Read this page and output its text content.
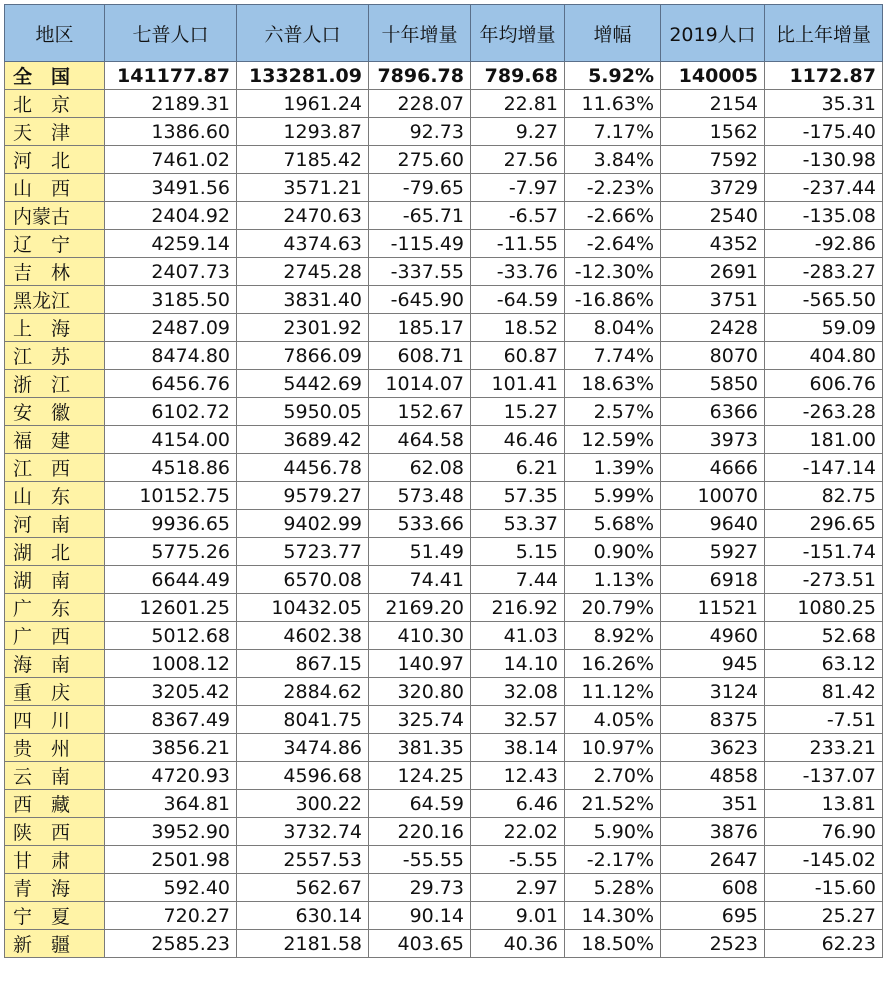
地区	七普人口	六普人口	十年增量	年均增量	增幅	2019人口	比上年增量
全　国	141177.87	133281.09	7896.78	789.68	5.92%	140005	1172.87
北　京	2189.31	1961.24	228.07	22.81	11.63%	2154	35.31
天　津	1386.60	1293.87	92.73	9.27	7.17%	1562	-175.40
河　北	7461.02	7185.42	275.60	27.56	3.84%	7592	-130.98
山　西	3491.56	3571.21	-79.65	-7.97	-2.23%	3729	-237.44
内蒙古	2404.92	2470.63	-65.71	-6.57	-2.66%	2540	-135.08
辽　宁	4259.14	4374.63	-115.49	-11.55	-2.64%	4352	-92.86
吉　林	2407.73	2745.28	-337.55	-33.76	-12.30%	2691	-283.27
黑龙江	3185.50	3831.40	-645.90	-64.59	-16.86%	3751	-565.50
上　海	2487.09	2301.92	185.17	18.52	8.04%	2428	59.09
江　苏	8474.80	7866.09	608.71	60.87	7.74%	8070	404.80
浙　江	6456.76	5442.69	1014.07	101.41	18.63%	5850	606.76
安　徽	6102.72	5950.05	152.67	15.27	2.57%	6366	-263.28
福　建	4154.00	3689.42	464.58	46.46	12.59%	3973	181.00
江　西	4518.86	4456.78	62.08	6.21	1.39%	4666	-147.14
山　东	10152.75	9579.27	573.48	57.35	5.99%	10070	82.75
河　南	9936.65	9402.99	533.66	53.37	5.68%	9640	296.65
湖　北	5775.26	5723.77	51.49	5.15	0.90%	5927	-151.74
湖　南	6644.49	6570.08	74.41	7.44	1.13%	6918	-273.51
广　东	12601.25	10432.05	2169.20	216.92	20.79%	11521	1080.25
广　西	5012.68	4602.38	410.30	41.03	8.92%	4960	52.68
海　南	1008.12	867.15	140.97	14.10	16.26%	945	63.12
重　庆	3205.42	2884.62	320.80	32.08	11.12%	3124	81.42
四　川	8367.49	8041.75	325.74	32.57	4.05%	8375	-7.51
贵　州	3856.21	3474.86	381.35	38.14	10.97%	3623	233.21
云　南	4720.93	4596.68	124.25	12.43	2.70%	4858	-137.07
西　藏	364.81	300.22	64.59	6.46	21.52%	351	13.81
陕　西	3952.90	3732.74	220.16	22.02	5.90%	3876	76.90
甘　肃	2501.98	2557.53	-55.55	-5.55	-2.17%	2647	-145.02
青　海	592.40	562.67	29.73	2.97	5.28%	608	-15.60
宁　夏	720.27	630.14	90.14	9.01	14.30%	695	25.27
新　疆	2585.23	2181.58	403.65	40.36	18.50%	2523	62.23
